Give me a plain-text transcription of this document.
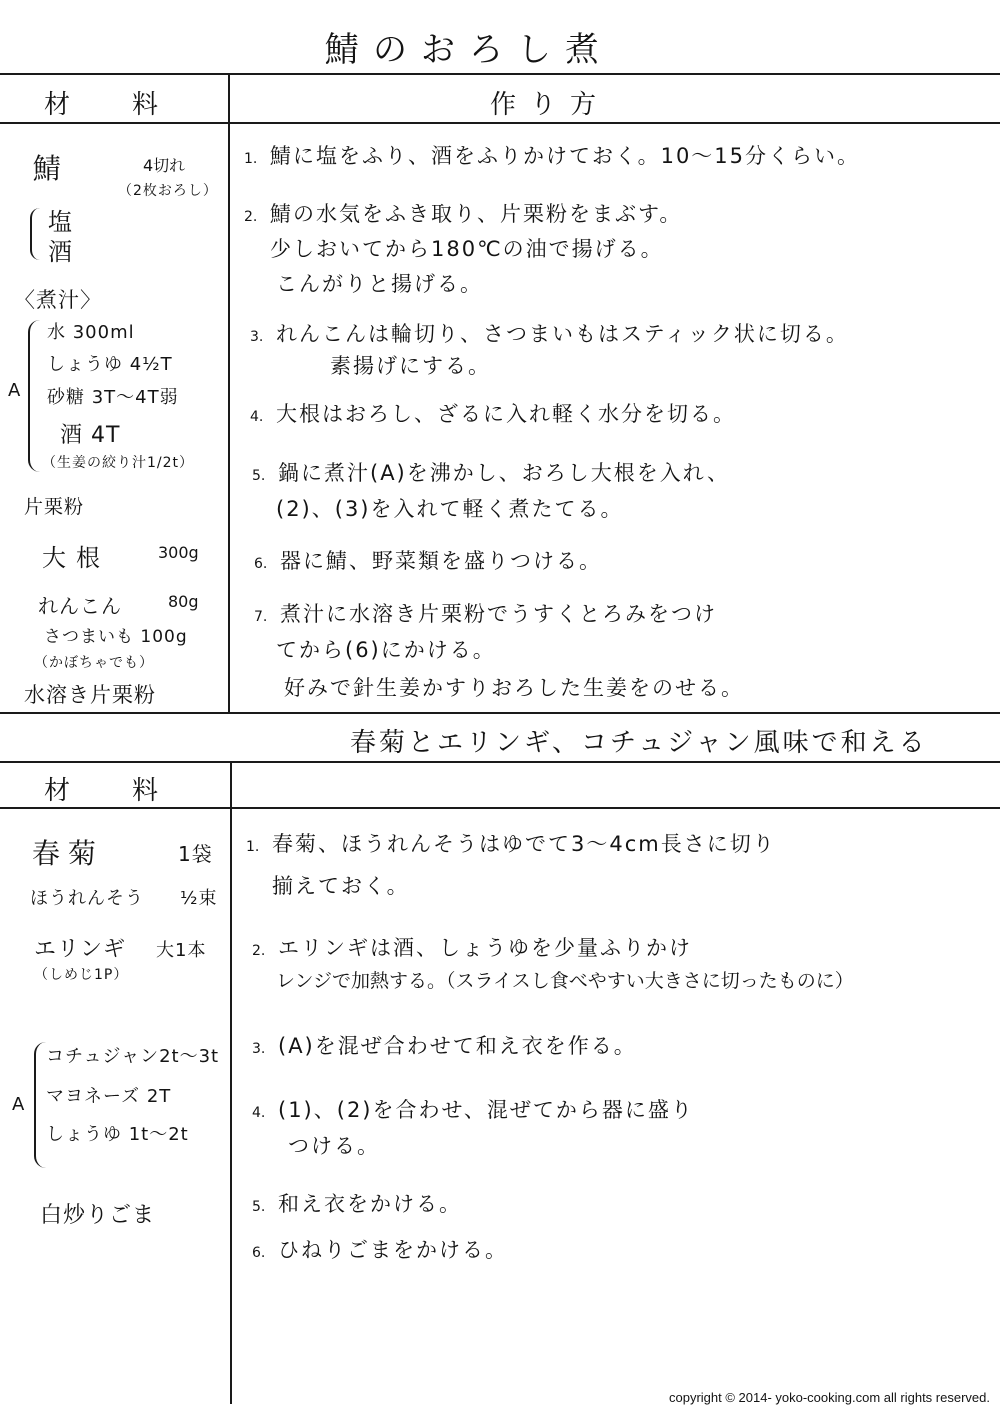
鯖のおろし煮
材　料	作り方
鯖	4切れ
（2枚おろし）
塩
酒
〈煮汁〉
A
水 300ml
しょうゆ 4½T
砂糖 3T〜4T弱
酒 4T
（生姜の絞り汁1/2t）
片栗粉
大根	300g
れんこん	80g
さつまいも 100g
（かぼちゃでも）
水溶き片栗粉
1. 鯖に塩をふり、酒をふりかけておく。10〜15分くらい。
2. 鯖の水気をふき取り、片栗粉をまぶす。
少しおいてから180℃の油で揚げる。
こんがりと揚げる。
3. れんこんは輪切り、さつまいもはスティック状に切る。
素揚げにする。
4. 大根はおろし、ざるに入れ軽く水分を切る。
5. 鍋に煮汁(A)を沸かし、おろし大根を入れ、
(2)、(3)を入れて軽く煮たてる。
6. 器に鯖、野菜類を盛りつける。
7. 煮汁に水溶き片栗粉でうすくとろみをつけ
てから(6)にかける。
好みで針生姜かすりおろした生姜をのせる。
春菊とエリンギ、コチュジャン風味で和える
材　料
春菊	1袋
ほうれんそう ½束
エリンギ 大1本
（しめじ1P）
A
コチュジャン2t〜3t
マヨネーズ 2T
しょうゆ 1t〜2t
白炒りごま
1. 春菊、ほうれんそうはゆでて3〜4cm長さに切り
揃えておく。
2. エリンギは酒、しょうゆを少量ふりかけ
レンジで加熱する。（スライスし食べやすい大きさに切ったものに）
3. (A)を混ぜ合わせて和え衣を作る。
4. (1)、(2)を合わせ、混ぜてから器に盛り
つける。
5. 和え衣をかける。
6. ひねりごまをかける。
copyright © 2014- yoko-cooking.com all rights reserved.
